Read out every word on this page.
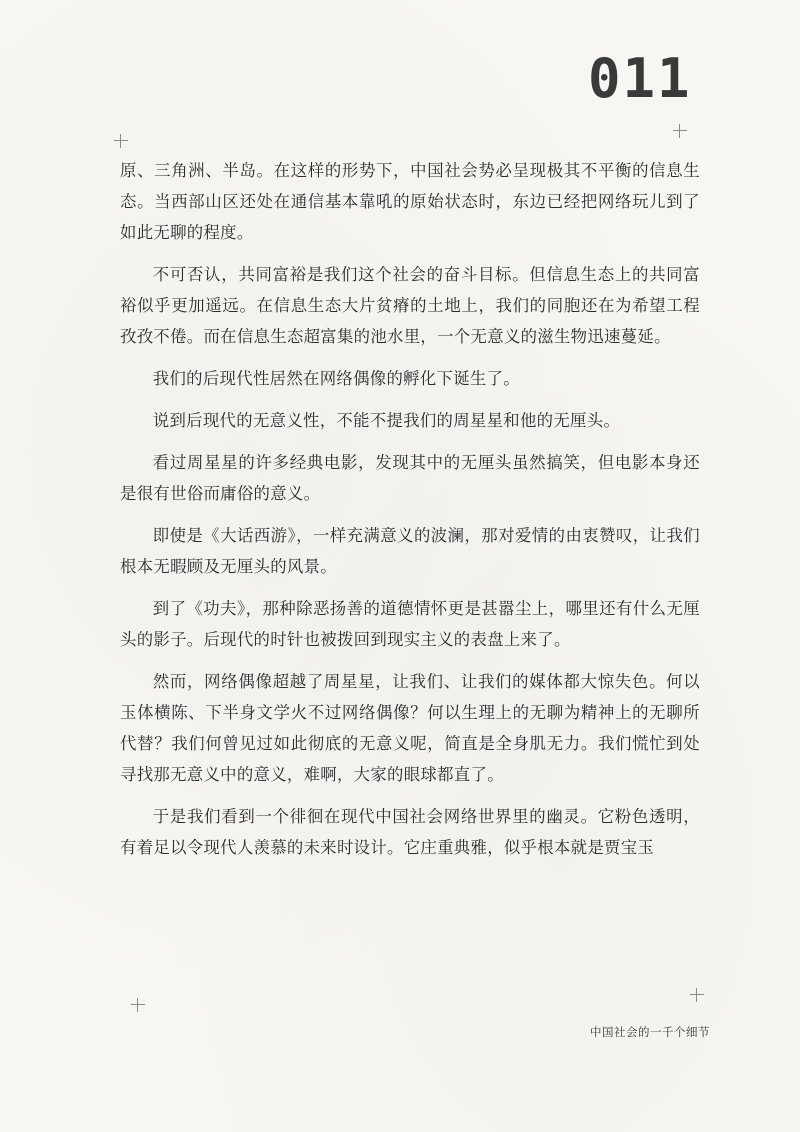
011

原、三角洲、半岛。在这样的形势下，中国社会势必呈现极其不平衡的信息生态。当西部山区还处在通信基本靠吼的原始状态时，东边已经把网络玩儿到了如此无聊的程度。

不可否认，共同富裕是我们这个社会的奋斗目标。但信息生态上的共同富裕似乎更加遥远。在信息生态大片贫瘠的土地上，我们的同胞还在为希望工程孜孜不倦。而在信息生态超富集的池水里，一个无意义的滋生物迅速蔓延。

我们的后现代性居然在网络偶像的孵化下诞生了。

说到后现代的无意义性，不能不提我们的周星星和他的无厘头。

看过周星星的许多经典电影，发现其中的无厘头虽然搞笑，但电影本身还是很有世俗而庸俗的意义。

即使是《大话西游》，一样充满意义的波澜，那对爱情的由衷赞叹，让我们根本无暇顾及无厘头的风景。

到了《功夫》，那种除恶扬善的道德情怀更是甚嚣尘上，哪里还有什么无厘头的影子。后现代的时针也被拨回到现实主义的表盘上来了。

然而，网络偶像超越了周星星，让我们、让我们的媒体都大惊失色。何以玉体横陈、下半身文学火不过网络偶像？何以生理上的无聊为精神上的无聊所代替？我们何曾见过如此彻底的无意义呢，简直是全身肌无力。我们慌忙到处寻找那无意义中的意义，难啊，大家的眼球都直了。

于是我们看到一个徘徊在现代中国社会网络世界里的幽灵。它粉色透明，有着足以令现代人羡慕的未来时设计。它庄重典雅，似乎根本就是贾宝玉

中国社会的一千个细节
